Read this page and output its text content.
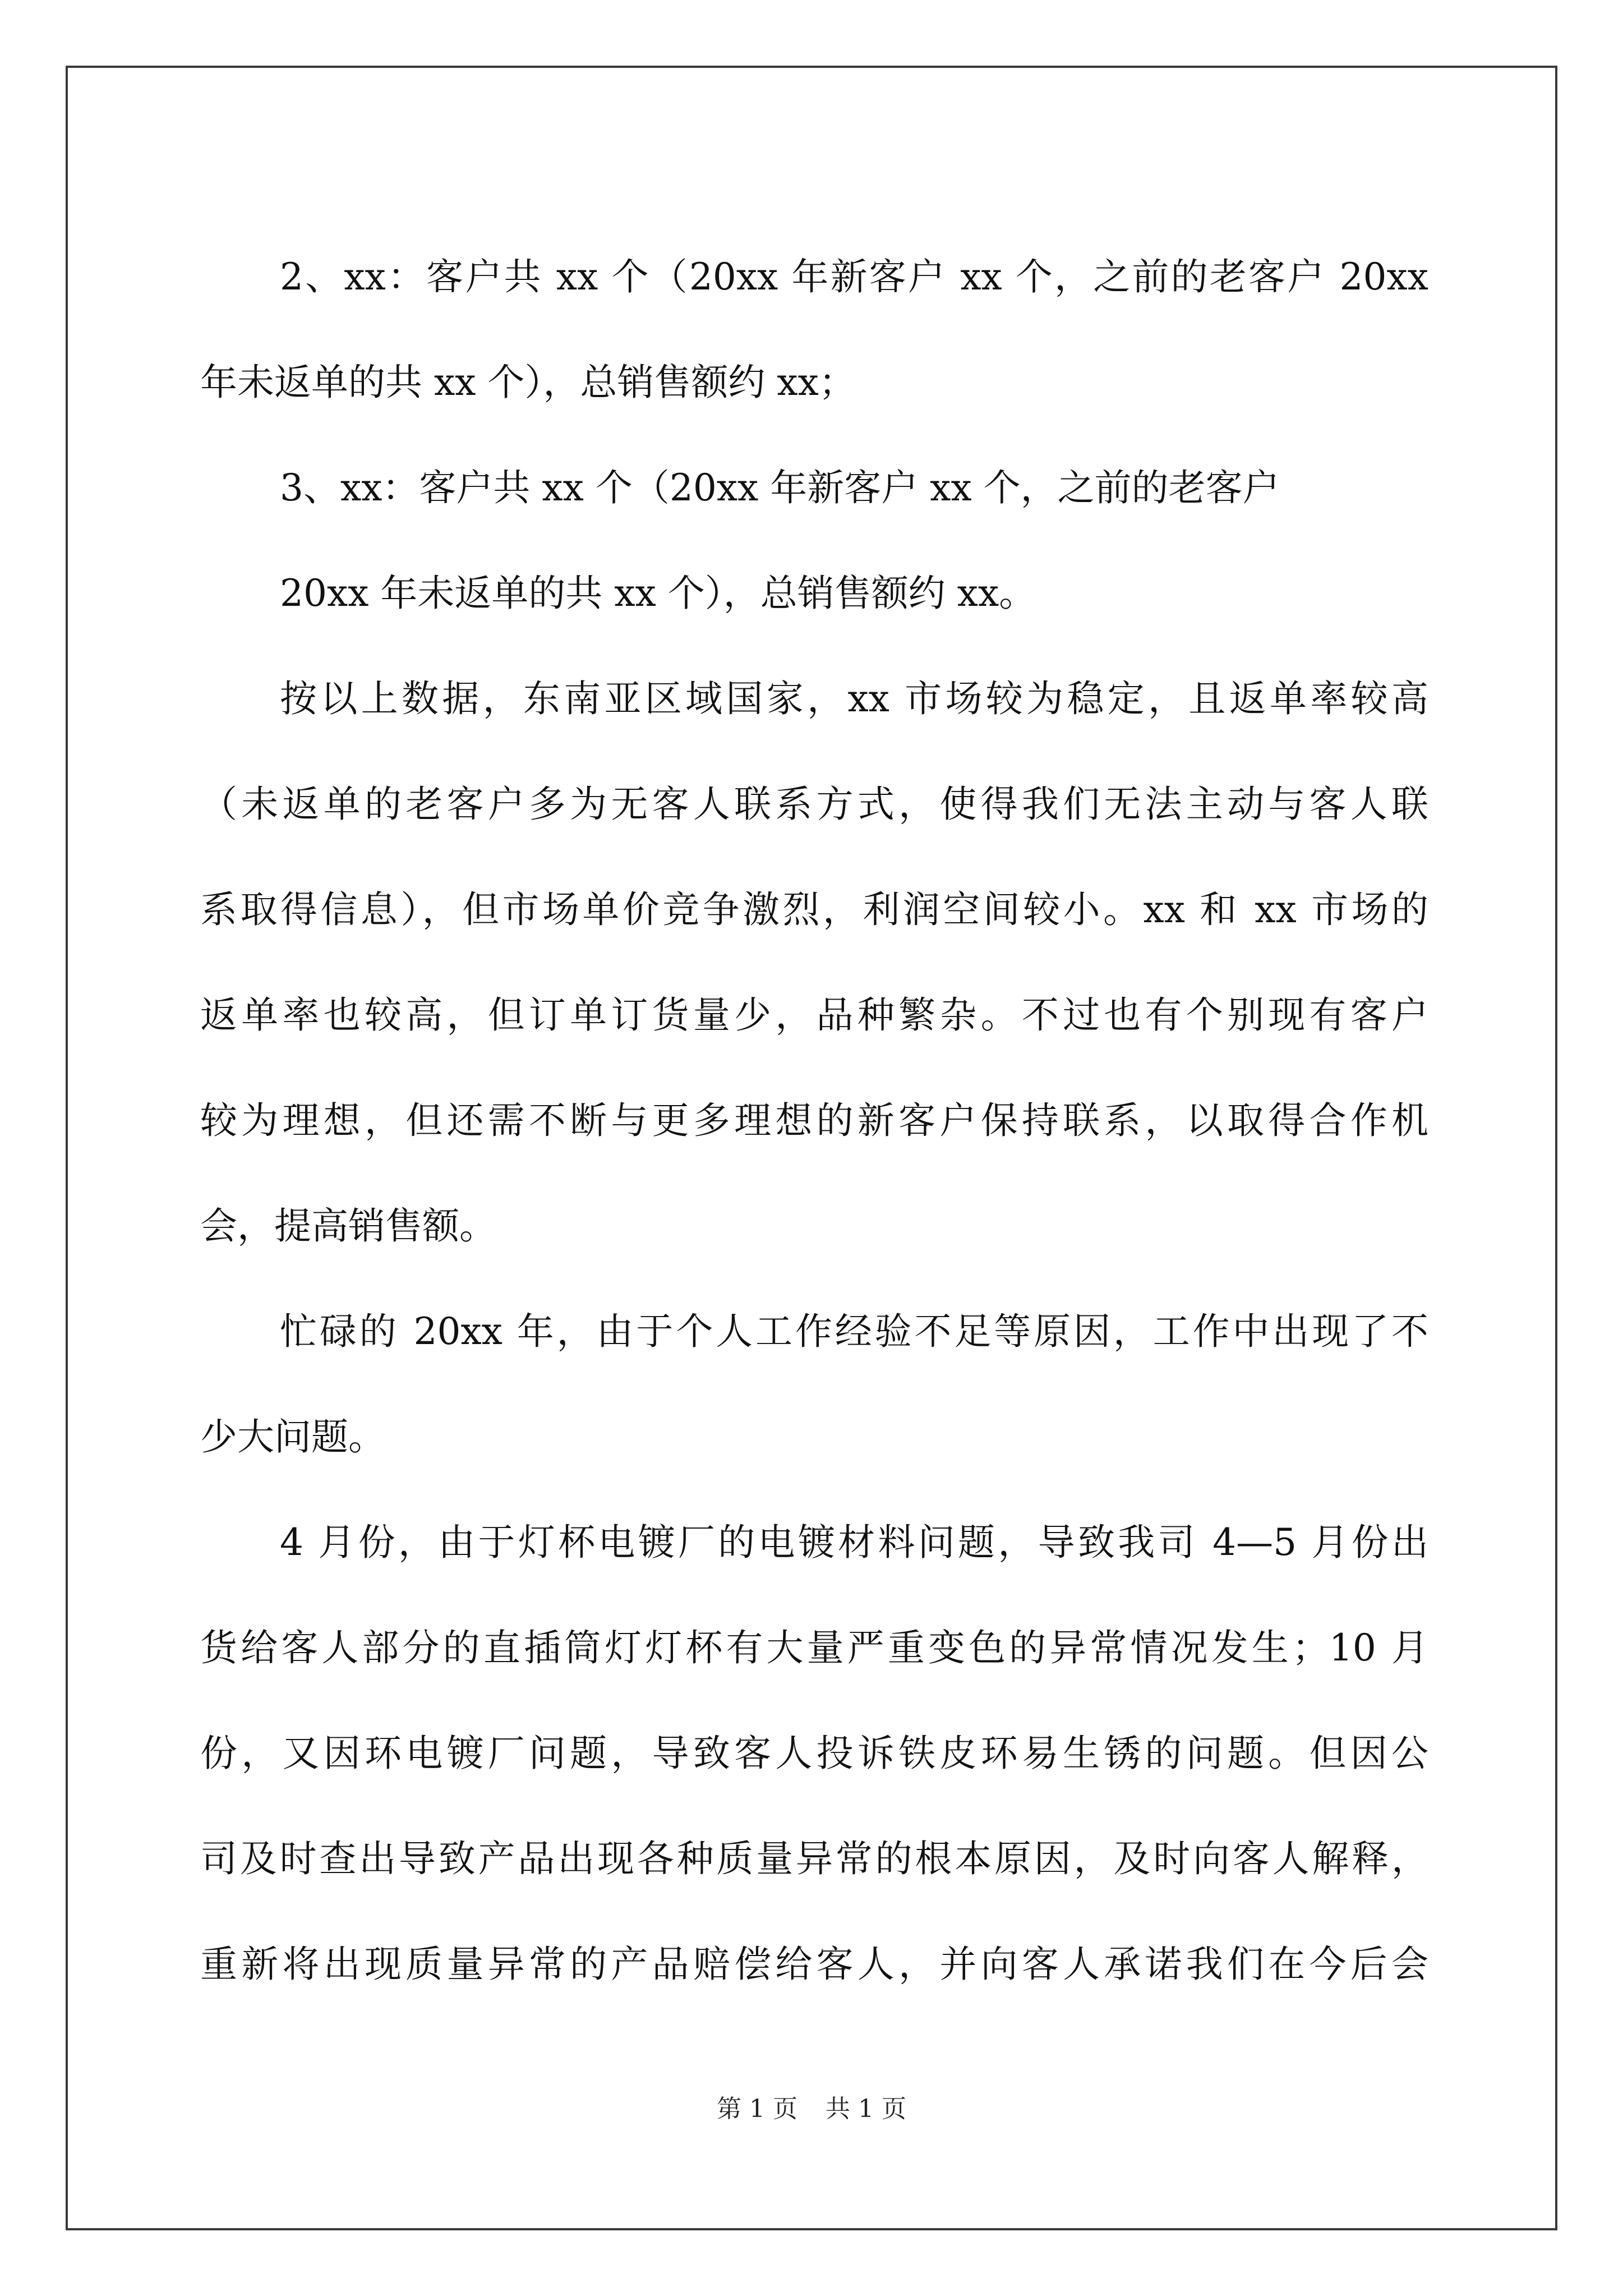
2、xx：客户共 xx 个（20xx 年新客户 xx 个，之前的老客户 20xx
年未返单的共 xx 个），总销售额约 xx；
3、xx：客户共 xx 个（20xx 年新客户 xx 个，之前的老客户
20xx 年未返单的共 xx 个），总销售额约 xx。
按以上数据，东南亚区域国家，xx 市场较为稳定，且返单率较高
（未返单的老客户多为无客人联系方式，使得我们无法主动与客人联
系取得信息），但市场单价竞争激烈，利润空间较小。xx 和 xx 市场的
返单率也较高，但订单订货量少，品种繁杂。不过也有个别现有客户
较为理想，但还需不断与更多理想的新客户保持联系，以取得合作机
会，提高销售额。
忙碌的 20xx 年，由于个人工作经验不足等原因，工作中出现了不
少大问题。
4 月份，由于灯杯电镀厂的电镀材料问题，导致我司 4—5 月份出
货给客人部分的直插筒灯灯杯有大量严重变色的异常情况发生；10 月
份，又因环电镀厂问题，导致客人投诉铁皮环易生锈的问题。但因公
司及时查出导致产品出现各种质量异常的根本原因，及时向客人解释，
重新将出现质量异常的产品赔偿给客人，并向客人承诺我们在今后会
第 1 页 共 1 页
